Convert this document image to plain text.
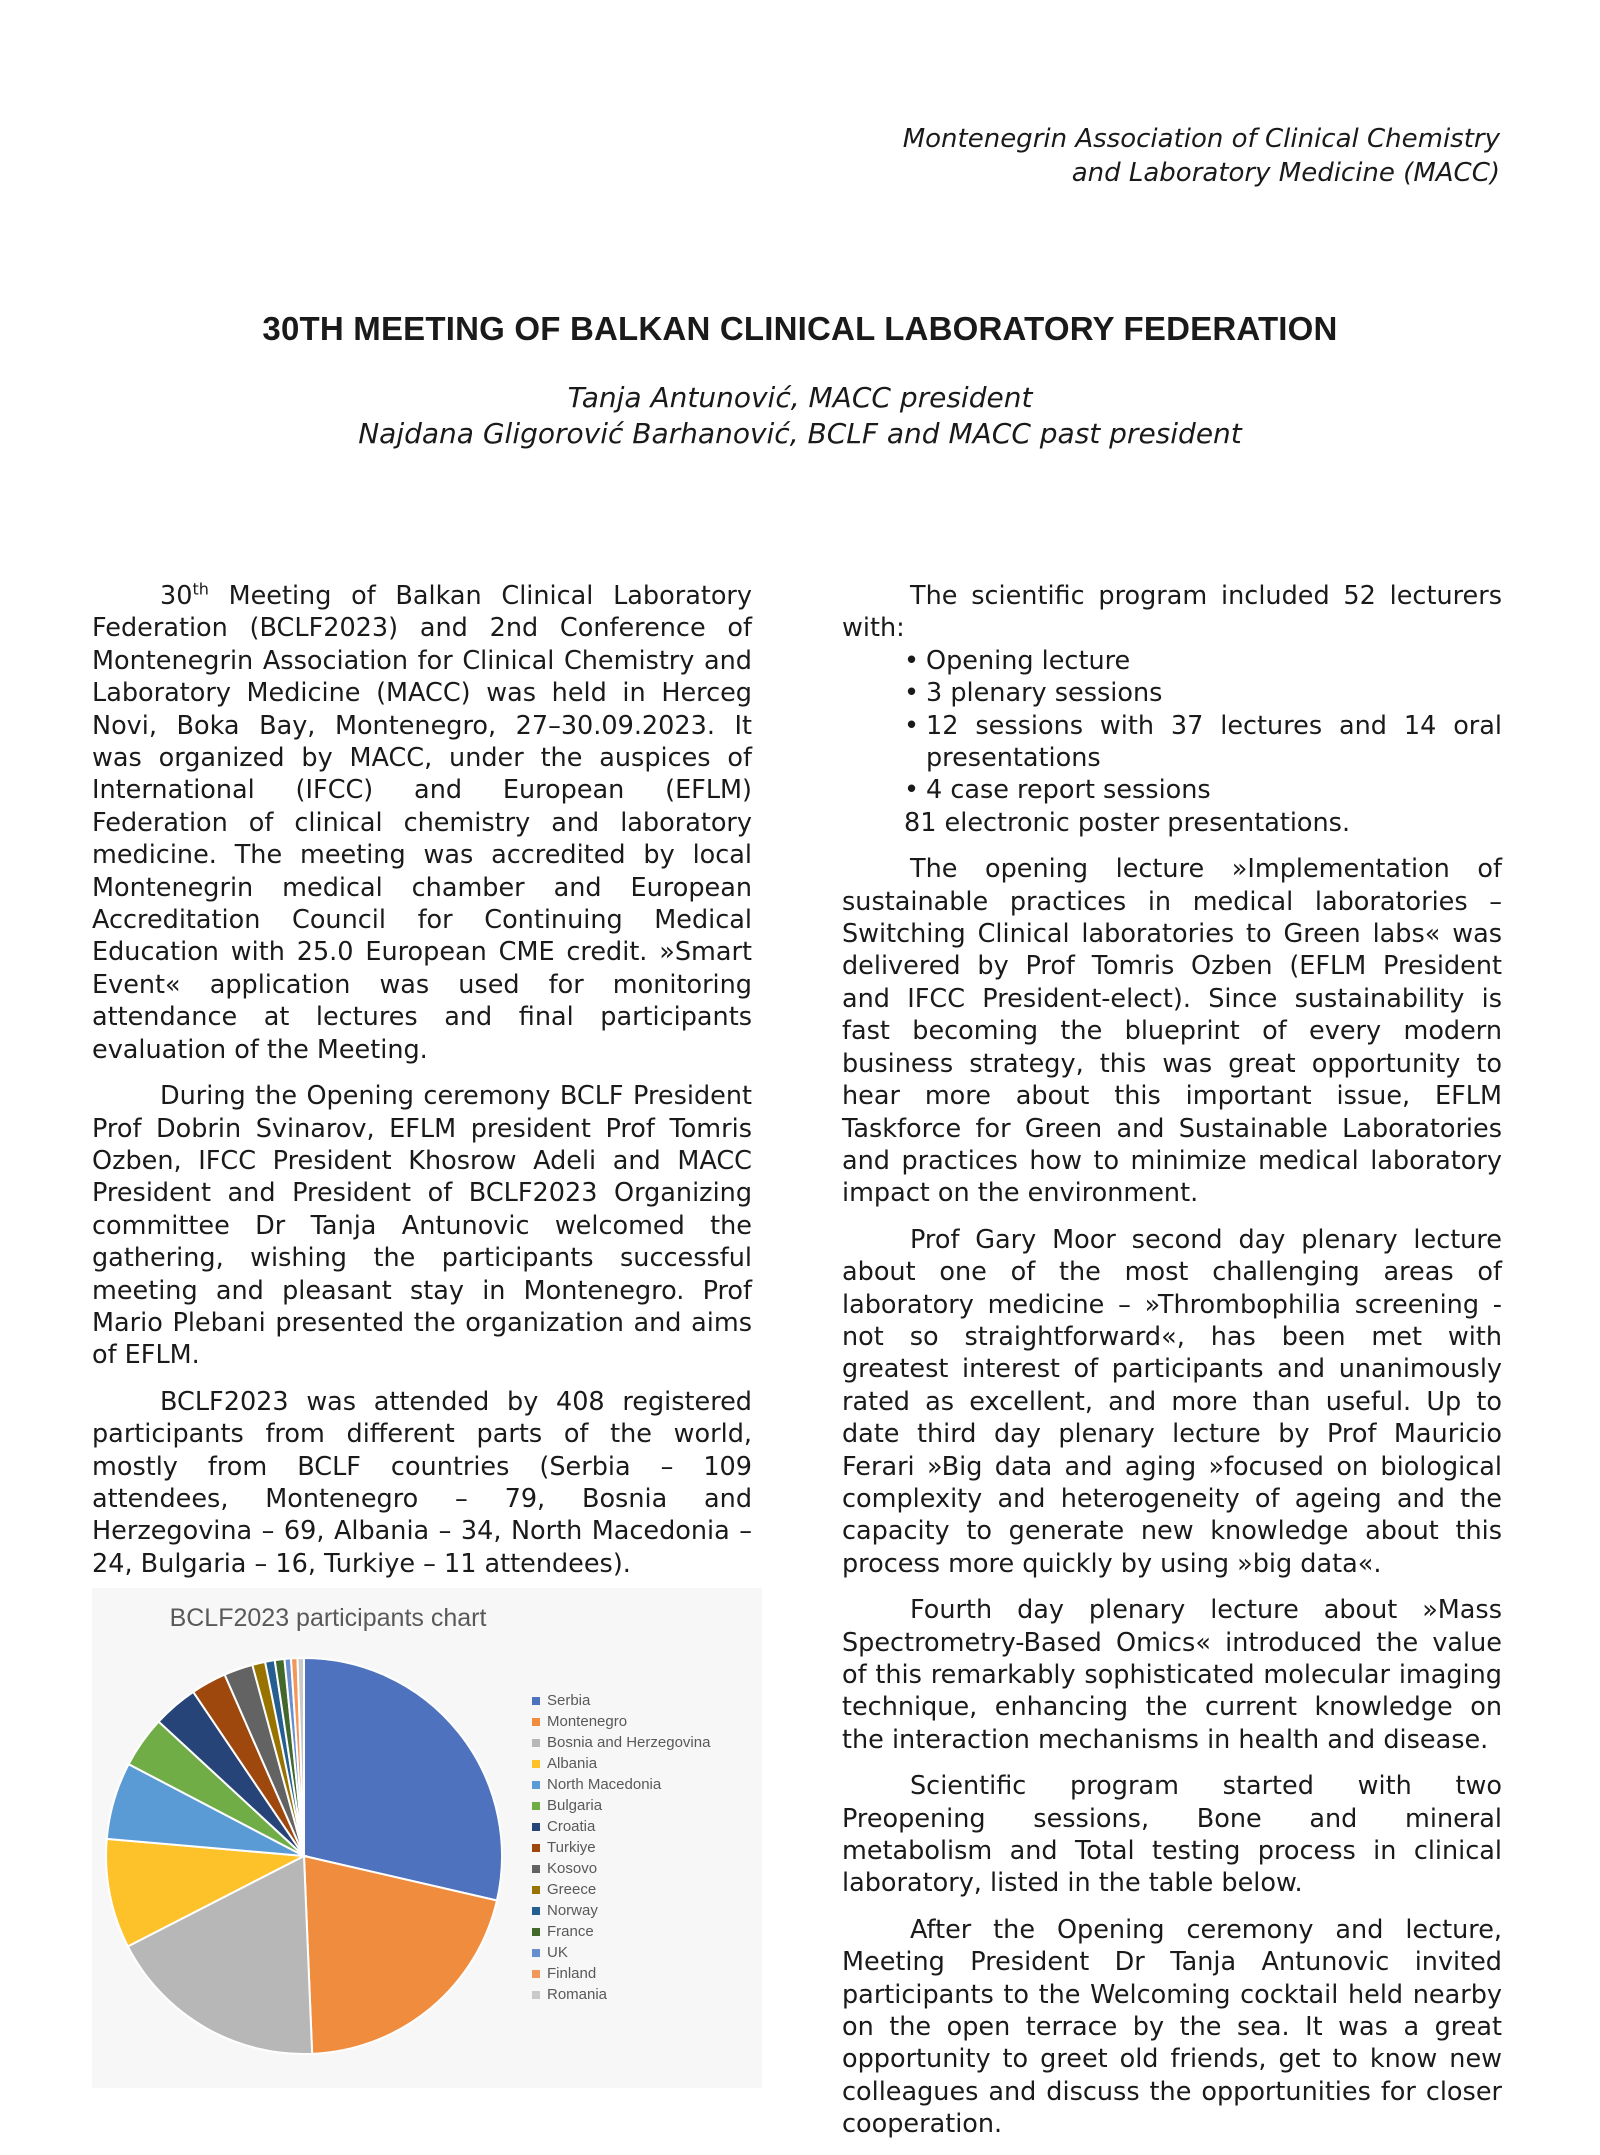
Montenegrin Association of Clinical Chemistry
and Laboratory Medicine (MACC)
30TH MEETING OF BALKAN CLINICAL LABORATORY FEDERATION
Tanja Antunović, MACC president
Najdana Gligorović Barhanović, BCLF and MACC past president

30th Meeting of Balkan Clinical Laboratory Federation (BCLF2023) and 2nd Conference of Montenegrin Association for Clinical Chemistry and Laboratory Medicine (MACC) was held in Herceg Novi, Boka Bay, Montenegro, 27–30.09.2023. It was organized by MACC, under the auspices of International (IFCC) and European (EFLM) Federation of clinical chemistry and laboratory medicine. The meeting was accredited by local Montenegrin medical chamber and European Accreditation Council for Continuing Medical Education with 25.0 European CME credit. »Smart Event« application was used for monitoring attendance at lectures and final participants evaluation of the Meeting.

During the Opening ceremony BCLF President Prof Dobrin Svinarov, EFLM president Prof Tomris Ozben, IFCC President Khosrow Adeli and MACC President and President of BCLF2023 Organizing committee Dr Tanja Antunovic welcomed the gathering, wishing the participants successful meeting and pleasant stay in Montenegro. Prof Mario Plebani presented the organization and aims of EFLM.

BCLF2023 was attended by 408 registered participants from different parts of the world, mostly from BCLF countries (Serbia – 109 attendees, Montenegro – 79, Bosnia and Herzegovina – 69, Albania – 34, North Macedonia – 24, Bulgaria – 16, Turkiye – 11 attendees).

BCLF2023 participants chart
Serbia
Montenegro
Bosnia and Herzegovina
Albania
North Macedonia
Bulgaria
Croatia
Turkiye
Kosovo
Greece
Norway
France
UK
Finland
Romania

The scientific program included 52 lecturers with:

• Opening lecture
• 3 plenary sessions
• 12 sessions with 37 lectures and 14 oral presentations
• 4 case report sessions
81 electronic poster presentations.

The opening lecture »Implementation of sustainable practices in medical laboratories – Switching Clinical laboratories to Green labs« was delivered by Prof Tomris Ozben (EFLM President and IFCC President-elect). Since sustainability is fast becoming the blueprint of every modern business strategy, this was great opportunity to hear more about this important issue, EFLM Taskforce for Green and Sustainable Laboratories and practices how to minimize medical laboratory impact on the environment.

Prof Gary Moor second day plenary lecture about one of the most challenging areas of laboratory medicine – »Thrombophilia screening - not so straightforward«, has been met with greatest interest of participants and unanimously rated as excellent, and more than useful. Up to date third day plenary lecture by Prof Mauricio Ferari »Big data and aging »focused on biological complexity and heterogeneity of ageing and the capacity to generate new knowledge about this process more quickly by using »big data«.

Fourth day plenary lecture about »Mass Spectrometry-Based Omics« introduced the value of this remarkably sophisticated molecular imaging technique, enhancing the current knowledge on the interaction mechanisms in health and disease.

Scientific program started with two Preopening sessions, Bone and mineral metabolism and Total testing process in clinical laboratory, listed in the table below.

After the Opening ceremony and lecture, Meeting President Dr Tanja Antunovic invited participants to the Welcoming cocktail held nearby on the open terrace by the sea. It was a great opportunity to greet old friends, get to know new colleagues and discuss the opportunities for closer cooperation.
